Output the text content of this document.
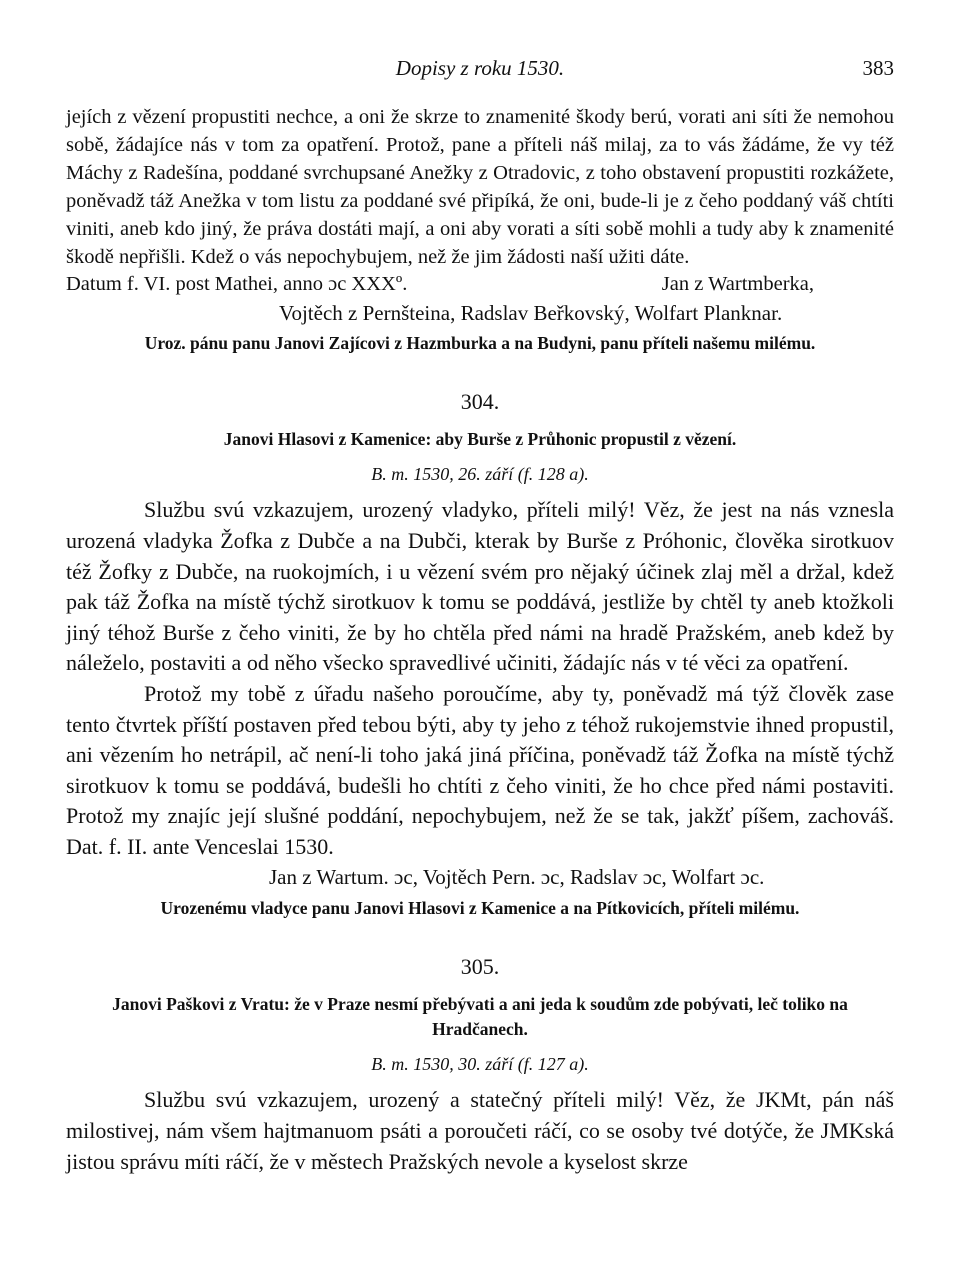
Dopisy z roku 1530.	383

jejích z vězení propustiti nechce, a oni že skrze to znamenité škody berú, vorati ani síti že nemohou sobě, žádajíce nás v tom za opatření. Protož, pane a příteli náš milaj, za to vás žádáme, že vy též Máchy z Radešína, poddané svrchupsané Anežky z Otradovic, z toho obstavení propustiti rozkážete, poněvadž táž Anežka v tom listu za poddané své připíká, že oni, bude-li je z čeho poddaný váš chtíti viniti, aneb kdo jiný, že práva dostáti mají, a oni aby vorati a síti sobě mohli a tudy aby k znamenité škodě nepřišli. Kdež o vás nepochybujem, než že jim žádosti naší užiti dáte.

Datum f. VI. post Mathei, anno ɔc XXXº.	Jan z Wartmberka,
Vojtěch z Pernšteina, Radslav Beřkovský, Wolfart Planknar.
Uroz. pánu panu Janovi Zajícovi z Hazmburka a na Budyni, panu příteli našemu milému.
304.
Janovi Hlasovi z Kamenice: aby Burše z Průhonic propustil z vězení.
B. m. 1530, 26. září (f. 128 a).

Službu svú vzkazujem, urozený vladyko, příteli milý! Věz, že jest na nás vznesla urozená vladyka Žofka z Dubče a na Dubči, kterak by Burše z Próhonic, člověka sirotkuov též Žofky z Dubče, na ruokojmích, i u vězení svém pro nějaký účinek zlaj měl a držal, kdež pak táž Žofka na místě týchž sirotkuov k tomu se poddává, jestliže by chtěl ty aneb ktožkoli jiný téhož Burše z čeho viniti, že by ho chtěla před námi na hradě Pražském, aneb kdež by náleželo, postaviti a od něho všecko spravedlivé učiniti, žádajíc nás v té věci za opatření.

Protož my tobě z úřadu našeho poroučíme, aby ty, poněvadž má týž člověk zase tento čtvrtek příští postaven před tebou býti, aby ty jeho z téhož rukojemstvie ihned propustil, ani vězením ho netrápil, ač není-li toho jaká jiná příčina, poněvadž táž Žofka na místě týchž sirotkuov k tomu se poddává, budešli ho chtíti z čeho viniti, že ho chce před námi postaviti. Protož my znajíc její slušné poddání, nepochybujem, než že se tak, jakžť píšem, zachováš. Dat. f. II. ante Venceslai 1530.

Jan z Wartum. ɔc, Vojtěch Pern. ɔc, Radslav ɔc, Wolfart ɔc.
Urozenému vladyce panu Janovi Hlasovi z Kamenice a na Pítkovicích, příteli milému.
305.
Janovi Paškovi z Vratu: že v Praze nesmí přebývati a ani jeda k soudům zde pobývati, leč toliko na Hradčanech.
B. m. 1530, 30. září (f. 127 a).

Službu svú vzkazujem, urozený a statečný příteli milý! Věz, že JKMt, pán náš milostivej, nám všem hajtmanuom psáti a poroučeti ráčí, co se osoby tvé dotýče, že JMKská jistou správu míti ráčí, že v městech Pražských nevole a kyselost skrze
